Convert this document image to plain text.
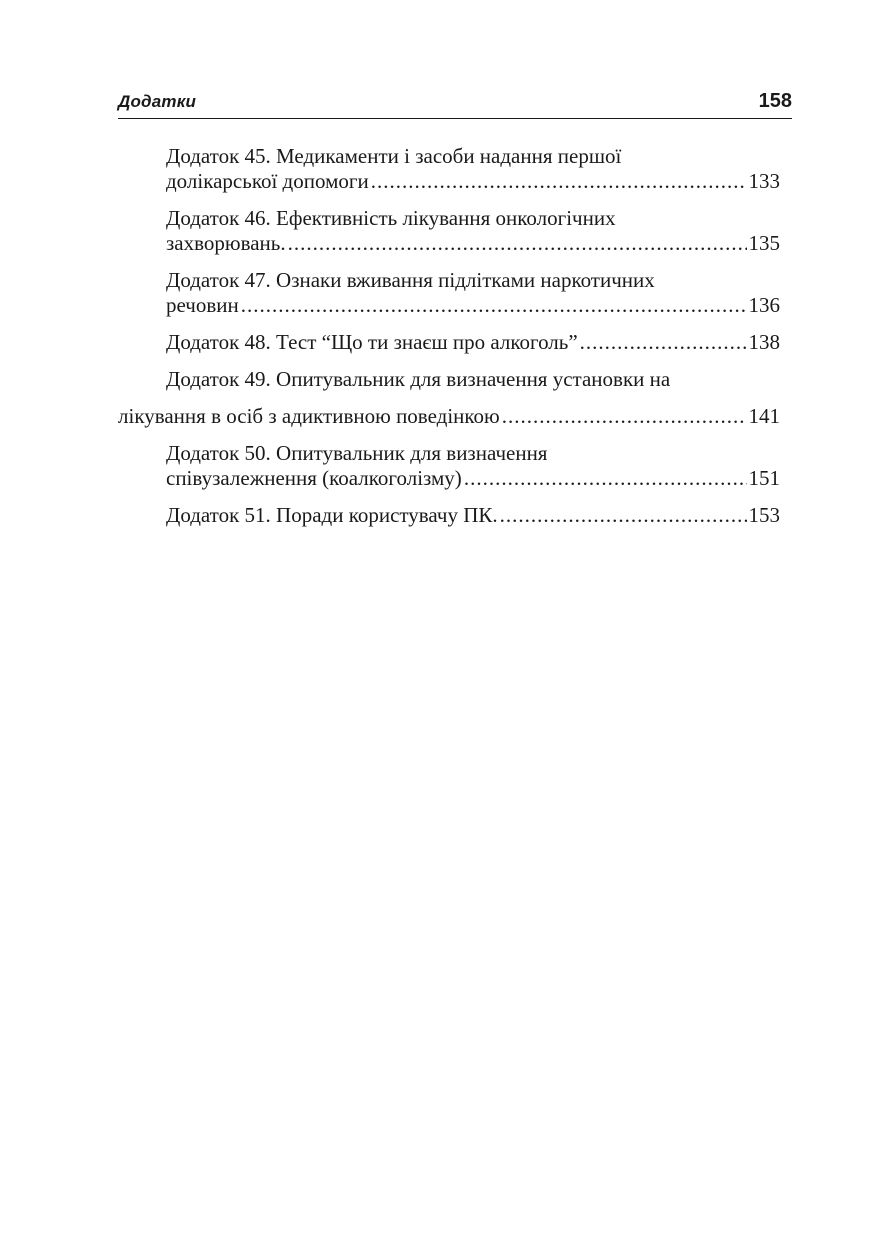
Додатки	158
Додаток 45. Медикаменти і засоби надання першої
долікарської допомоги .....	133
Додаток 46. Ефективність лікування онкологічних
захворювань. .....	135
Додаток 47. Ознаки вживання підлітками наркотичних
речовин .....	136
Додаток 48. Тест “Що ти знаєш про алкоголь” .....	138
Додаток 49. Опитувальник для визначення установки на
лікування в осіб з адиктивною поведінкою .....	141
Додаток 50. Опитувальник для визначення
співузалежнення (коалкоголізму) .....	151
Додаток 51. Поради користувачу ПК. .....	153
